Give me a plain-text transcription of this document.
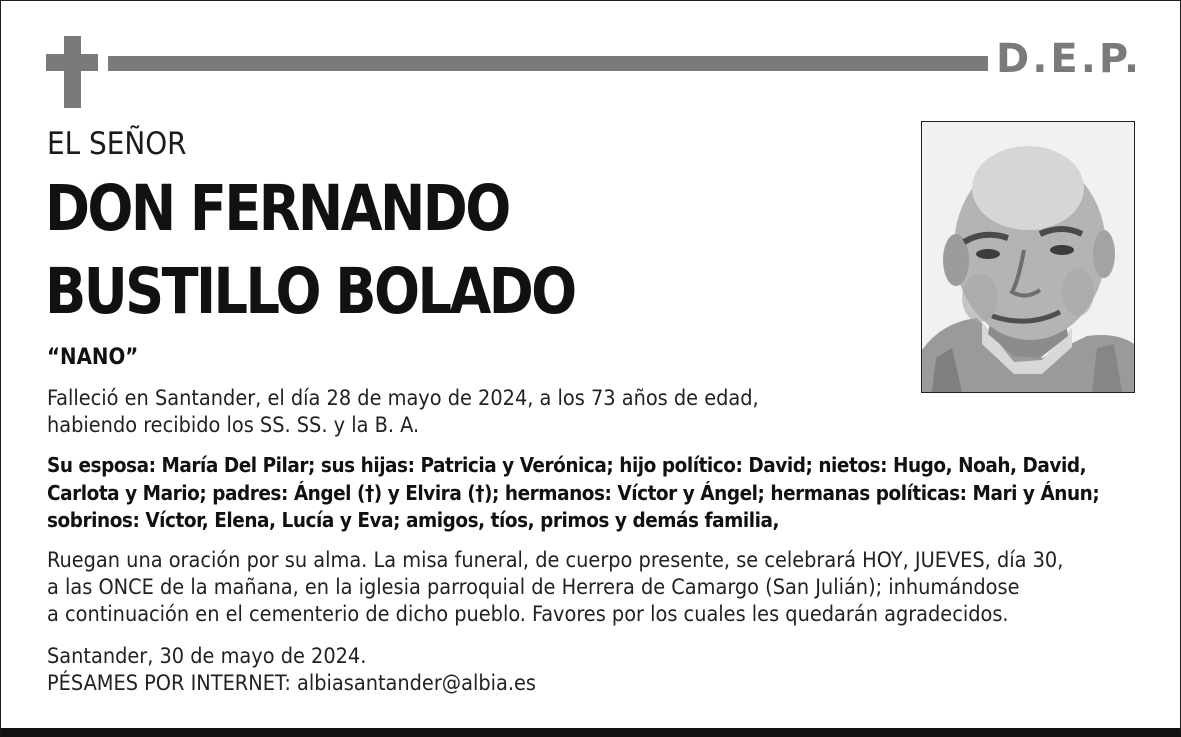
D.E.P.
EL SEÑOR
DON FERNANDO
BUSTILLO BOLADO
“NANO”
Falleció en Santander, el día 28 de mayo de 2024, a los 73 años de edad,
habiendo recibido los SS. SS. y la B. A.
Su esposa: María Del Pilar; sus hijas: Patricia y Verónica; hijo político: David; nietos: Hugo, Noah, David,
Carlota y Mario; padres: Ángel (†) y Elvira (†); hermanos: Víctor y Ángel; hermanas políticas: Mari y Ánun;
sobrinos: Víctor, Elena, Lucía y Eva; amigos, tíos, primos y demás familia,
Ruegan una oración por su alma. La misa funeral, de cuerpo presente, se celebrará HOY, JUEVES, día 30,
a las ONCE de la mañana, en la iglesia parroquial de Herrera de Camargo (San Julián); inhumándose
a continuación en el cementerio de dicho pueblo. Favores por los cuales les quedarán agradecidos.
Santander, 30 de mayo de 2024.
PÉSAMES POR INTERNET: albiasantander@albia.es
